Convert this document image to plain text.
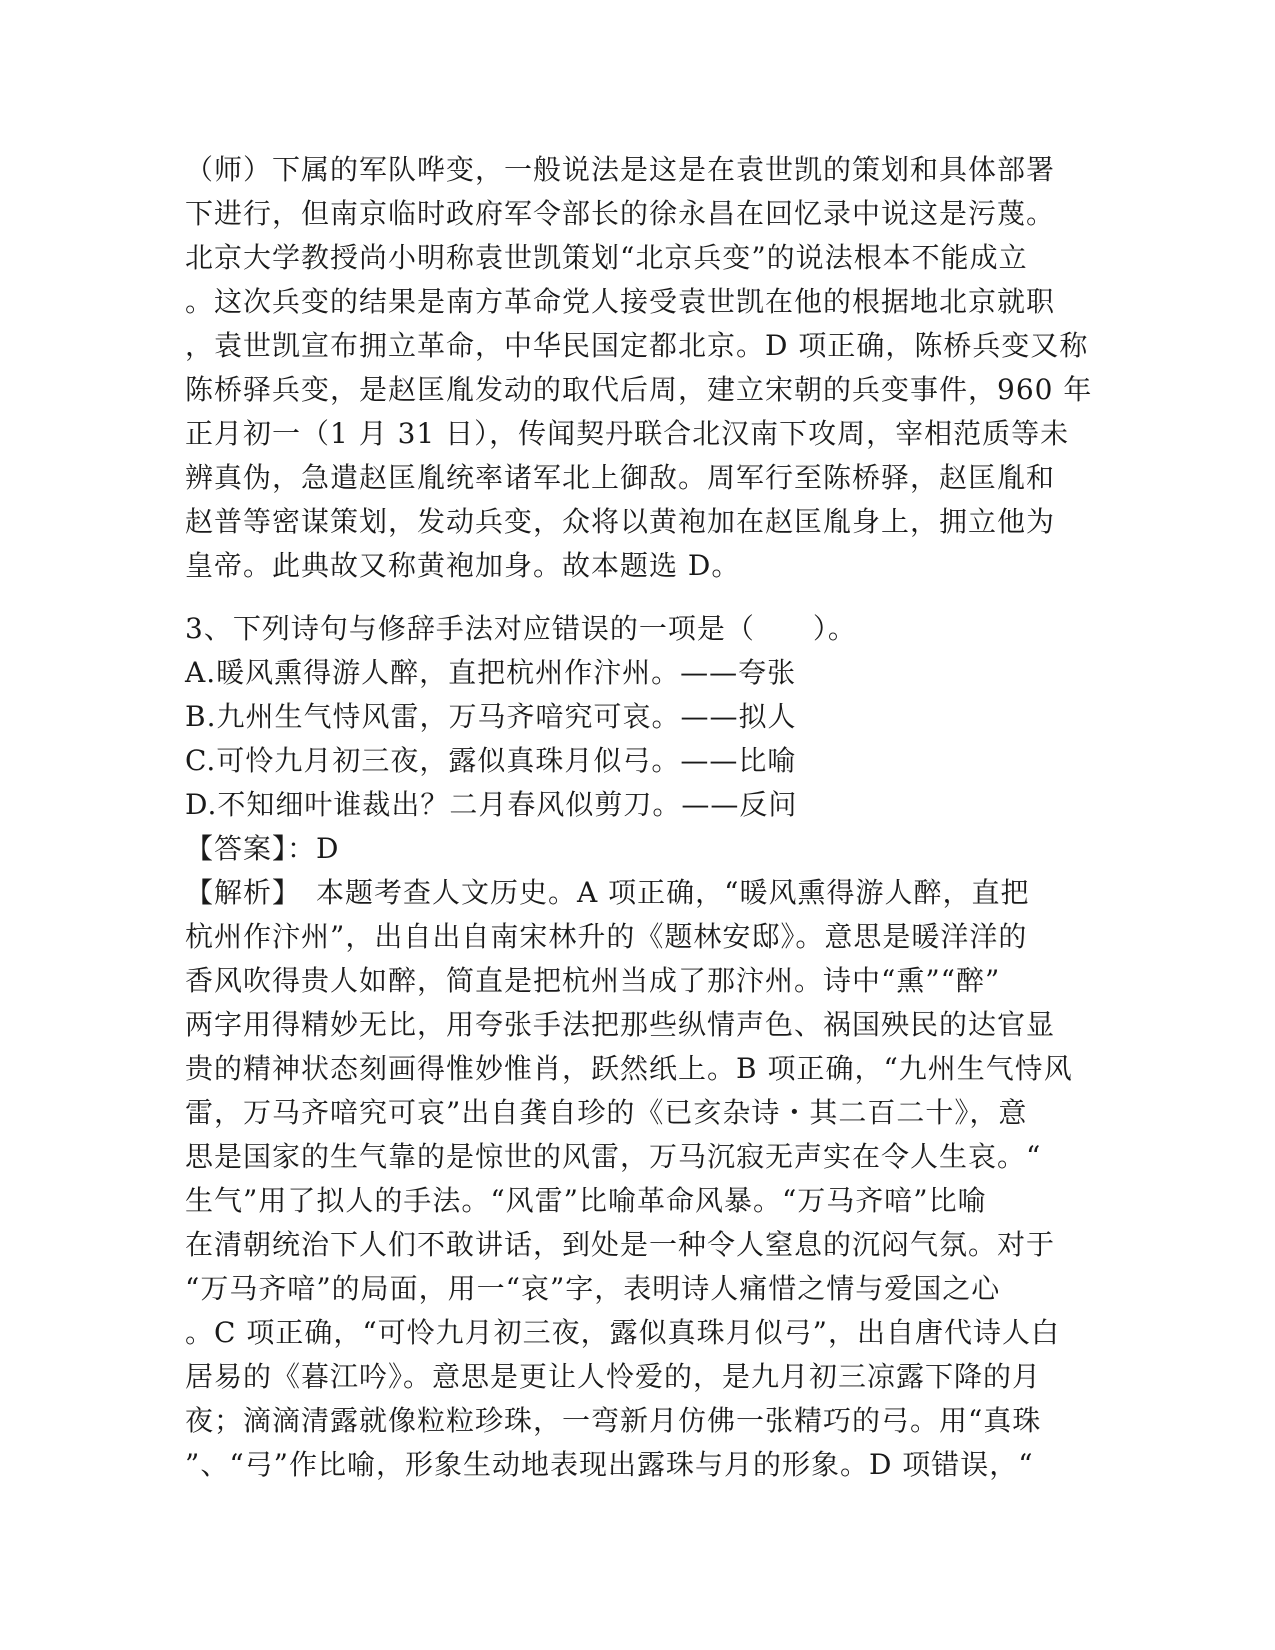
（师）下属的军队哗变，一般说法是这是在袁世凯的策划和具体部署
下进行，但南京临时政府军令部长的徐永昌在回忆录中说这是污蔑。
北京大学教授尚小明称袁世凯策划“北京兵变”的说法根本不能成立
。这次兵变的结果是南方革命党人接受袁世凯在他的根据地北京就职
，袁世凯宣布拥立革命，中华民国定都北京。D 项正确，陈桥兵变又称
陈桥驿兵变，是赵匡胤发动的取代后周，建立宋朝的兵变事件，960 年
正月初一（1 月 31 日），传闻契丹联合北汉南下攻周，宰相范质等未
辨真伪，急遣赵匡胤统率诸军北上御敌。周军行至陈桥驿，赵匡胤和
赵普等密谋策划，发动兵变，众将以黄袍加在赵匡胤身上，拥立他为
皇帝。此典故又称黄袍加身。故本题选 D。
3、下列诗句与修辞手法对应错误的一项是（　　）。
A.暖风熏得游人醉，直把杭州作汴州。——夸张
B.九州生气恃风雷，万马齐喑究可哀。——拟人
C.可怜九月初三夜，露似真珠月似弓。——比喻
D.不知细叶谁裁出？二月春风似剪刀。——反问
【答案】：D
【解析】　本题考查人文历史。A 项正确，“暖风熏得游人醉，直把
杭州作汴州”，出自出自南宋林升的《题林安邸》。意思是暖洋洋的
香风吹得贵人如醉，简直是把杭州当成了那汴州。诗中“熏”“醉”
两字用得精妙无比，用夸张手法把那些纵情声色、祸国殃民的达官显
贵的精神状态刻画得惟妙惟肖，跃然纸上。B 项正确，“九州生气恃风
雷，万马齐喑究可哀”出自龚自珍的《已亥杂诗・其二百二十》，意
思是国家的生气靠的是惊世的风雷，万马沉寂无声实在令人生哀。“
生气”用了拟人的手法。“风雷”比喻革命风暴。“万马齐喑”比喻
在清朝统治下人们不敢讲话，到处是一种令人窒息的沉闷气氛。对于
“万马齐喑”的局面，用一“哀”字，表明诗人痛惜之情与爱国之心
。C 项正确，“可怜九月初三夜，露似真珠月似弓”，出自唐代诗人白
居易的《暮江吟》。意思是更让人怜爱的，是九月初三凉露下降的月
夜；滴滴清露就像粒粒珍珠，一弯新月仿佛一张精巧的弓。用“真珠
”、“弓”作比喻，形象生动地表现出露珠与月的形象。D 项错误，“
